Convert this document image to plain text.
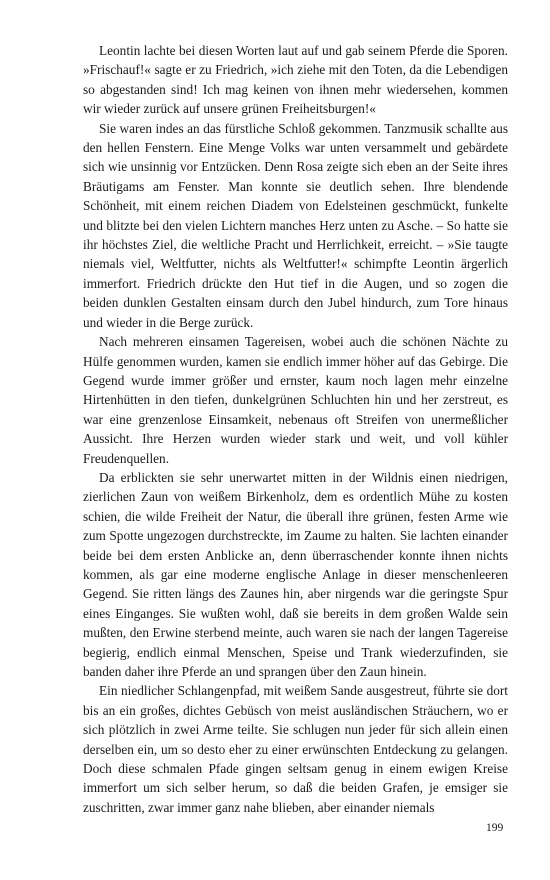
Leontin lachte bei diesen Worten laut auf und gab seinem Pferde die Sporen. »Frischauf!« sagte er zu Friedrich, »ich ziehe mit den Toten, da die Lebendigen so abgestanden sind! Ich mag keinen von ihnen mehr wiedersehen, kommen wir wieder zurück auf unsere grünen Freiheitsburgen!«

Sie waren indes an das fürstliche Schloß gekommen. Tanzmusik schallte aus den hellen Fenstern. Eine Menge Volks war unten versammelt und gebärdete sich wie unsinnig vor Entzücken. Denn Rosa zeigte sich eben an der Seite ihres Bräutigams am Fenster. Man konnte sie deutlich sehen. Ihre blendende Schönheit, mit einem reichen Diadem von Edelsteinen geschmückt, funkelte und blitzte bei den vielen Lichtern manches Herz unten zu Asche. – So hatte sie ihr höchstes Ziel, die weltliche Pracht und Herrlichkeit, erreicht. – »Sie taugte niemals viel, Weltfutter, nichts als Weltfutter!« schimpfte Leontin ärgerlich immerfort. Friedrich drückte den Hut tief in die Augen, und so zogen die beiden dunklen Gestalten einsam durch den Jubel hindurch, zum Tore hinaus und wieder in die Berge zurück.

Nach mehreren einsamen Tagereisen, wobei auch die schönen Nächte zu Hülfe genommen wurden, kamen sie endlich immer höher auf das Gebirge. Die Gegend wurde immer größer und ernster, kaum noch lagen mehr einzelne Hirtenhütten in den tiefen, dunkelgrünen Schluchten hin und her zerstreut, es war eine grenzenlose Einsamkeit, nebenaus oft Streifen von unermeßlicher Aussicht. Ihre Herzen wurden wieder stark und weit, und voll kühler Freudenquellen.

Da erblickten sie sehr unerwartet mitten in der Wildnis einen niedrigen, zierlichen Zaun von weißem Birkenholz, dem es ordentlich Mühe zu kosten schien, die wilde Freiheit der Natur, die überall ihre grünen, festen Arme wie zum Spotte ungezogen durchstreckte, im Zaume zu halten. Sie lachten einander beide bei dem ersten Anblicke an, denn überraschender konnte ihnen nichts kommen, als gar eine moderne englische Anlage in dieser menschenleeren Gegend. Sie ritten längs des Zaunes hin, aber nirgends war die geringste Spur eines Einganges. Sie wußten wohl, daß sie bereits in dem großen Walde sein mußten, den Erwine sterbend meinte, auch waren sie nach der langen Tagereise begierig, endlich einmal Menschen, Speise und Trank wiederzufinden, sie banden daher ihre Pferde an und sprangen über den Zaun hinein.

Ein niedlicher Schlangenpfad, mit weißem Sande ausgestreut, führte sie dort bis an ein großes, dichtes Gebüsch von meist ausländischen Sträuchern, wo er sich plötzlich in zwei Arme teilte. Sie schlugen nun jeder für sich allein einen derselben ein, um so desto eher zu einer erwünschten Entdeckung zu gelangen. Doch diese schmalen Pfade gingen seltsam genug in einem ewigen Kreise immerfort um sich selber herum, so daß die beiden Grafen, je emsiger sie zuschritten, zwar immer ganz nahe blieben, aber einander niemals

199
